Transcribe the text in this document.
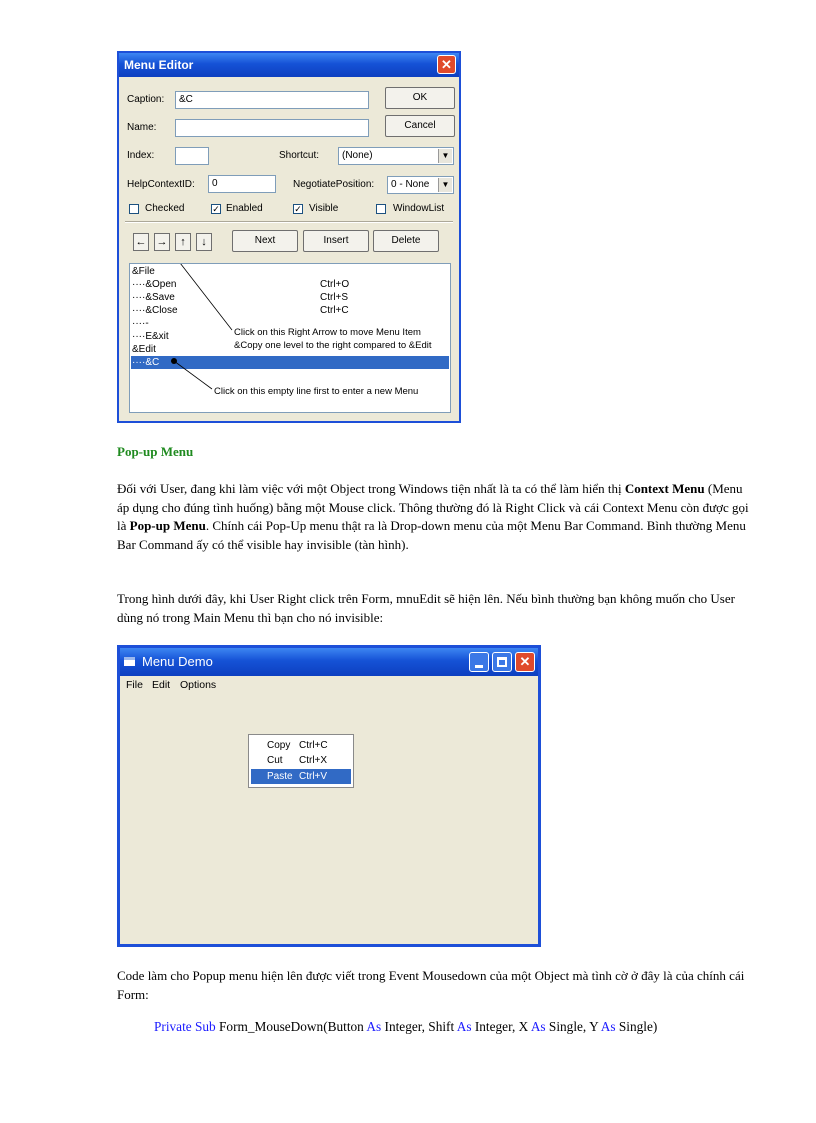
Menu Editor	✕
Caption:	&C	OK
Name:	Cancel
Index:	Shortcut:	(None)	▼
HelpContextID:	0	NegotiatePosition:	0 - None	▼
Checked	✓ Enabled	✓ Visible	WindowList
← →	↑	↓	Next	Insert	Delete
&File
····&Open	Ctrl+O
····&Save	Ctrl+S
····&Close	Ctrl+C
····-
····E&xit
&Edit
····&C
Click on this Right Arrow to move Menu Item
&Copy one level to the right compared to &Edit
Click on this empty line first to enter a new Menu
Pop-up Menu
Đối với User, đang khi làm việc với một Object trong Windows tiện nhất là ta có thể làm hiển thị Context Menu (Menu áp dụng cho đúng tình huống) bằng một Mouse click. Thông thường đó là Right Click và cái Context Menu còn được gọi là Pop-up Menu. Chính cái Pop-Up menu thật ra là Drop-down menu của một Menu Bar Command. Bình thường Menu Bar Command ấy có thể visible hay invisible (tàn hình).
Trong hình dưới đây, khi User Right click trên Form, mnuEdit sẽ hiện lên. Nếu bình thường bạn không muốn cho User dùng nó trong Main Menu thì bạn cho nó invisible:
Menu Demo	✕
File Edit Options
Copy Ctrl+C
Cut Ctrl+X
Paste Ctrl+V
Code làm cho Popup menu hiện lên được viết trong Event Mousedown của một Object mà tình cờ ở đây là của chính cái Form:
Private Sub Form_MouseDown(Button As Integer, Shift As Integer, X As Single, Y As Single)
